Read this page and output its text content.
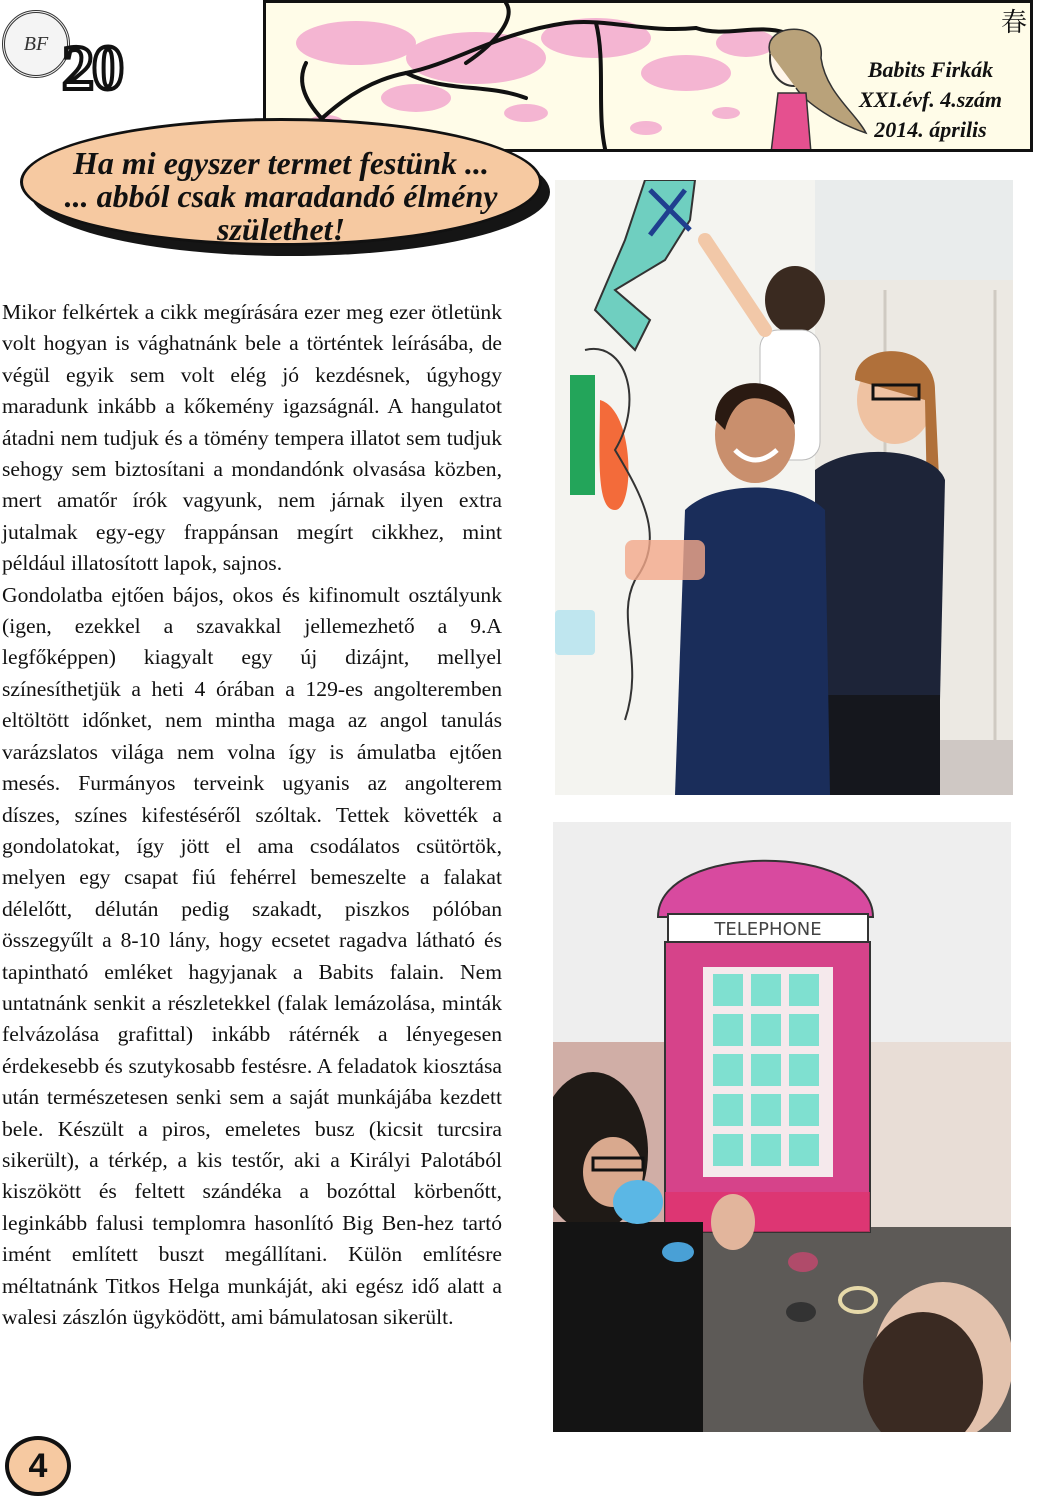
BF 20
春
Babits Firkák
XXI.évf. 4.szám
2014. április
Ha mi egyszer termet festünk ...
... abból csak maradandó élmény
születhet!

Mikor felkértek a cikk megírására ezer meg ezer ötletünk volt hogyan is vághatnánk bele a történtek leírásába, de végül egyik sem volt elég jó kezdésnek, úgyhogy maradunk inkább a kőkemény igazságnál. A hangulatot átadni nem tudjuk és a tömény tempera illatot sem tudjuk sehogy sem biztosítani a mondandónk olvasása közben, mert amatőr írók vagyunk, nem járnak ilyen extra jutalmak egy-egy frappánsan megírt cikkhez, mint például illatosított lapok, sajnos.

Gondolatba ejtően bájos, okos és kifinomult osztályunk (igen, ezekkel a szavakkal jellemezhető a 9.A legfőképpen) kiagyalt egy új dizájnt, mellyel színesíthetjük a heti 4 órában a 129-es angolteremben eltöltött időnket, nem mintha maga az angol tanulás varázslatos világa nem volna így is ámulatba ejtően mesés. Furmányos terveink ugyanis az angolterem díszes, színes kifestéséről szóltak. Tettek követték a gondolatokat, így jött el ama csodálatos csütörtök, melyen egy csapat fiú fehérrel bemeszelte a falakat délelőtt, délután pedig szakadt, piszkos pólóban összegyűlt a 8-10 lány, hogy ecsetet ragadva látható és tapintható emléket hagyjanak a Babits falain. Nem untatnánk senkit a részletekkel (falak lemázolása, minták felvázolása grafittal) inkább rátérnék a lényegesen érdekesebb és szutykosabb festésre. A feladatok kiosztása után természetesen senki sem a saját munkájába kezdett bele. Készült a piros, emeletes busz (kicsit turcsira sikerült), a térkép, a kis testőr, aki a Királyi Palotából kiszökött és feltett szándéka a bozóttal körbenőtt, leginkább falusi templomra hasonlító Big Ben-hez tartó imént említett buszt megállítani. Külön említésre méltatnánk Titkos Helga munkáját, aki egész idő alatt a walesi zászlón ügyködött, ami bámulatosan sikerült.

TELEPHONE
4
